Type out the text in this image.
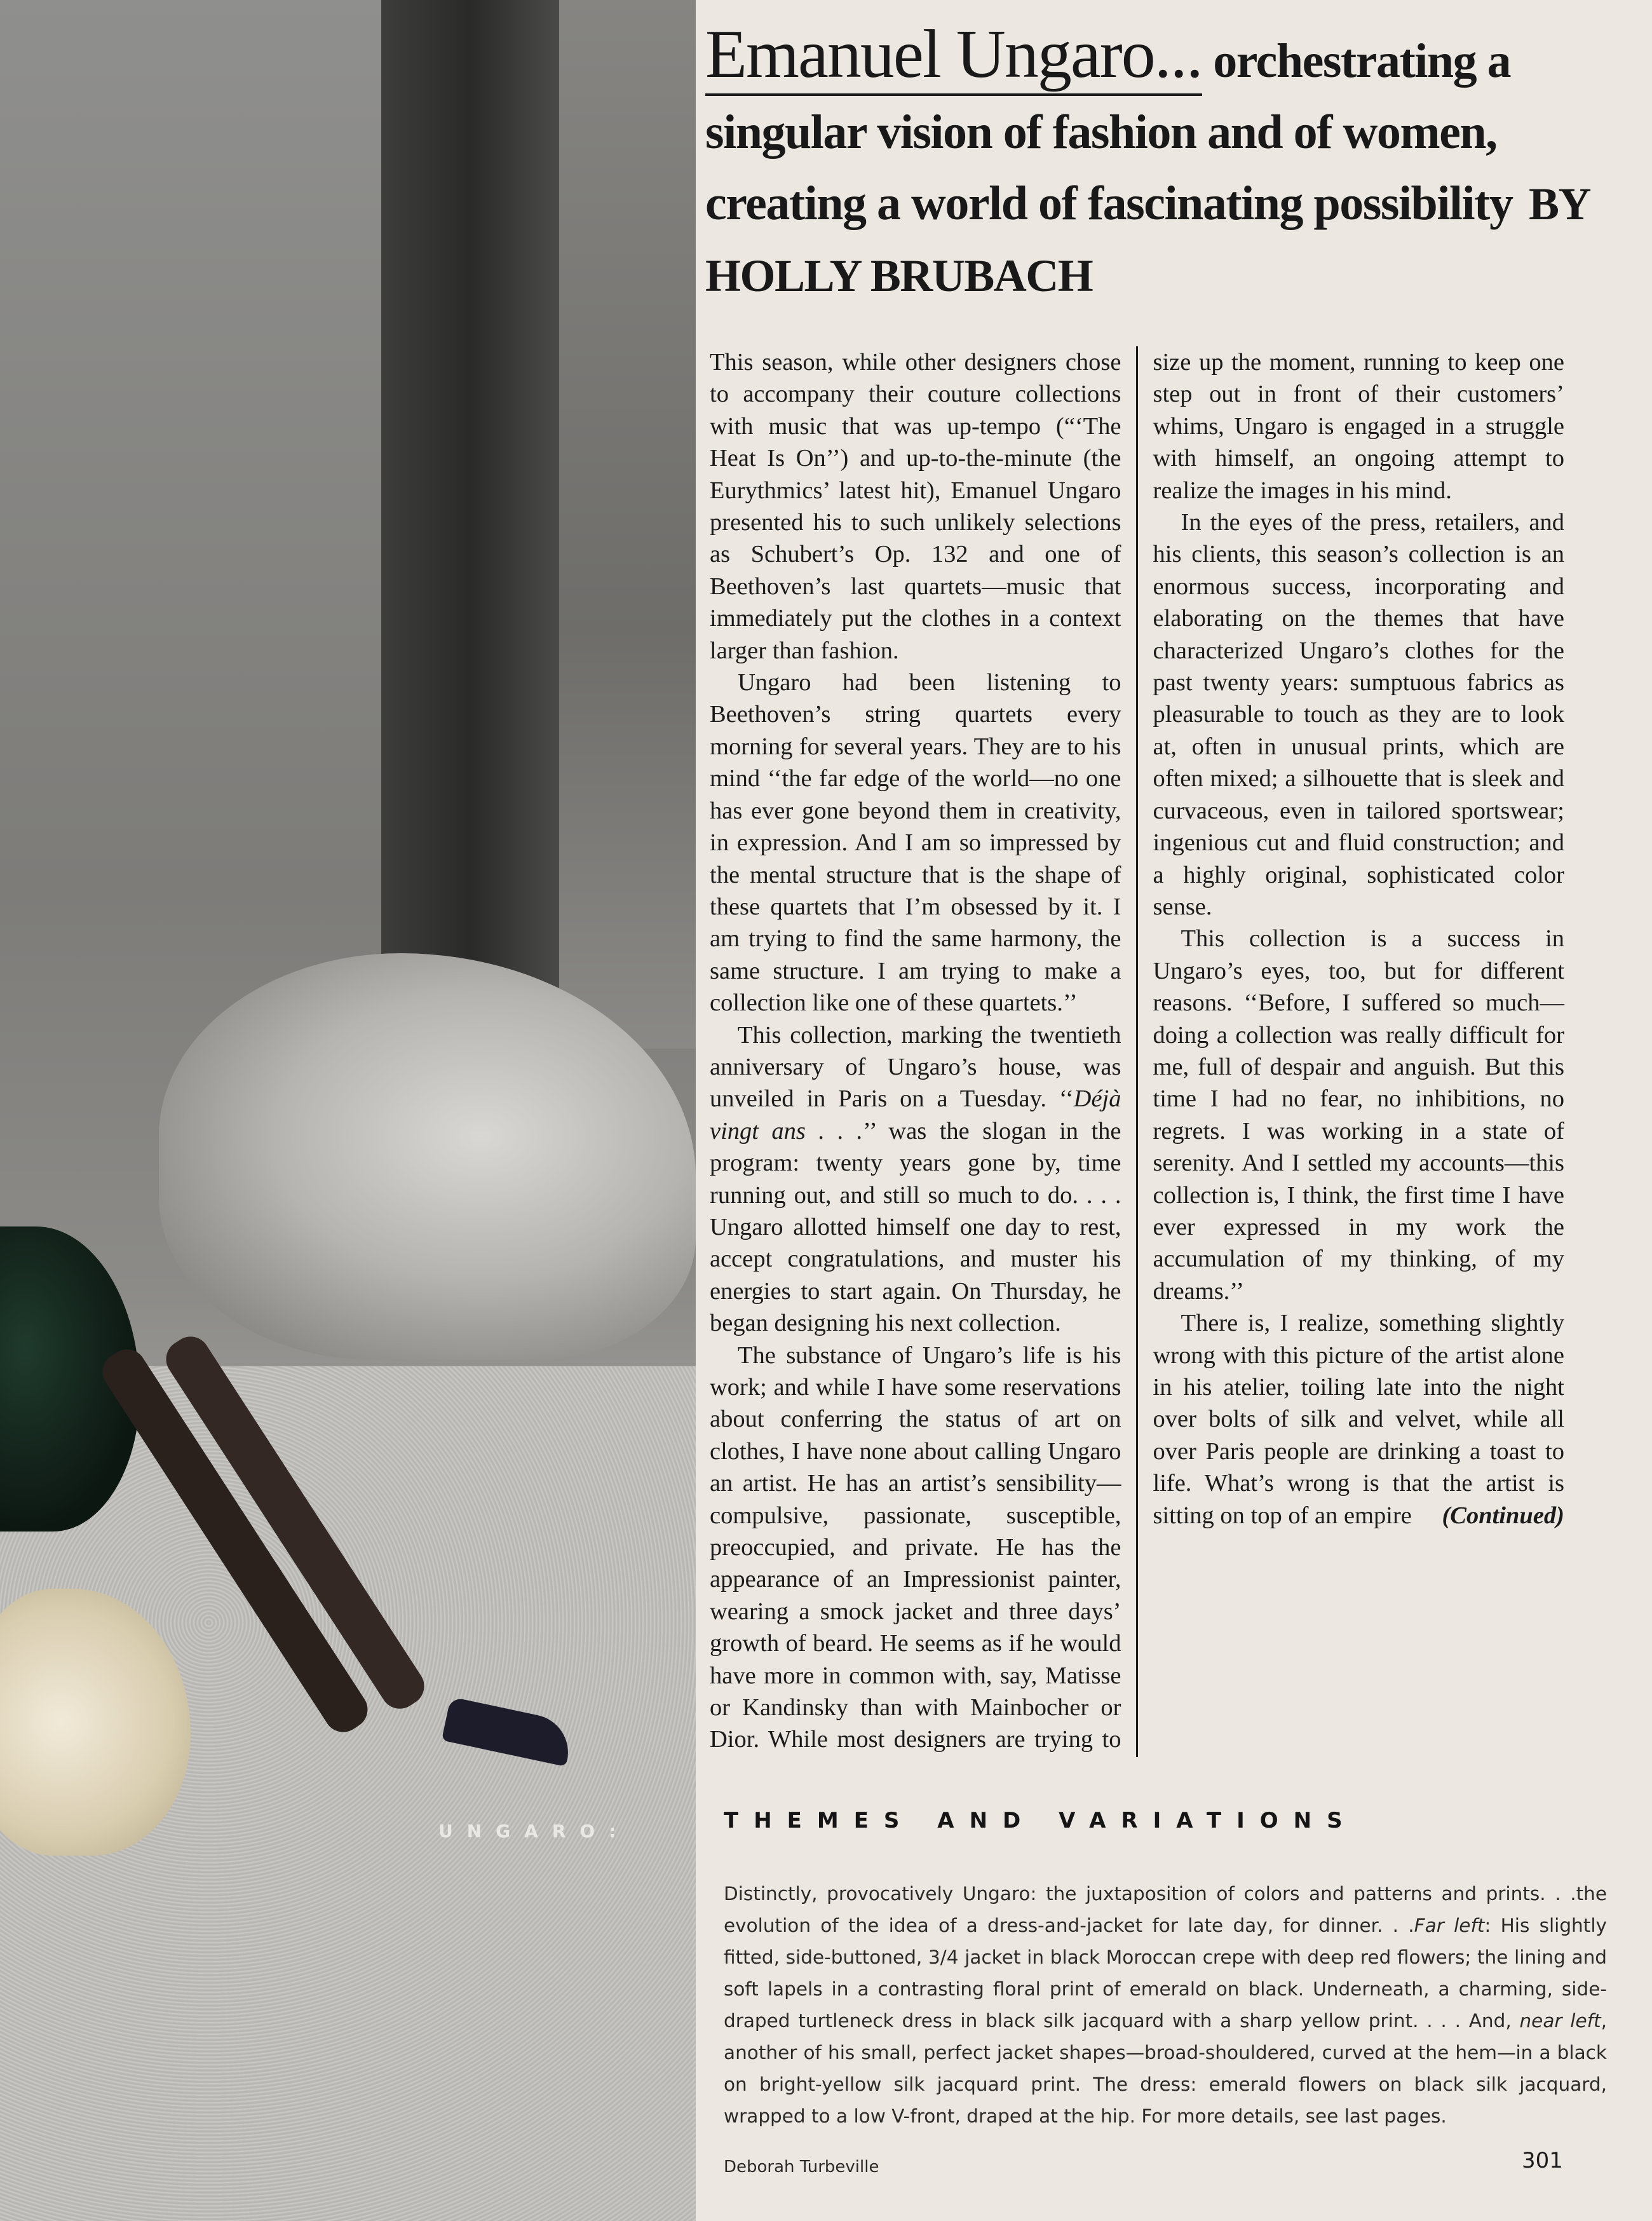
UNGARO:
Emanuel Ungaro... orchestrating a singular vision of fashion and of women, creating a world of fascinating possibility BY HOLLY BRUBACH

This season, while other designers chose to accompany their couture collections with music that was up-tempo (“‘The Heat Is On’’) and up-to-the-minute (the Eurythmics’ latest hit), Emanuel Ungaro presented his to such unlikely selections as Schubert’s Op. 132 and one of Beethoven’s last quartets—music that immediately put the clothes in a context larger than fashion.

Ungaro had been listening to Beethoven’s string quartets every morning for several years. They are to his mind ‘‘the far edge of the world—no one has ever gone beyond them in creativity, in expression. And I am so impressed by the mental structure that is the shape of these quartets that I’m obsessed by it. I am trying to find the same harmony, the same structure. I am trying to make a collection like one of these quartets.’’

This collection, marking the twentieth anniversary of Ungaro’s house, was unveiled in Paris on a Tuesday. ‘‘Déjà vingt ans . . .’’ was the slogan in the program: twenty years gone by, time running out, and still so much to do. . . . Ungaro allotted himself one day to rest, accept congratulations, and muster his energies to start again. On Thursday, he began designing his next collection.

The substance of Ungaro’s life is his work; and while I have some reservations about conferring the status of art on clothes, I have none about calling Ungaro an artist. He has an artist’s sensibility—compulsive, passionate, susceptible, preoccupied, and private. He has the appearance of an Impressionist painter, wearing a smock jacket and three days’ growth of beard. He seems as if he would have more in common with, say, Matisse or Kandinsky than with Mainbocher or Dior. While most designers are trying to size up the moment, running to keep one step out in front of their customers’ whims, Ungaro is engaged in a struggle with himself, an ongoing attempt to realize the images in his mind.

In the eyes of the press, retailers, and his clients, this season’s collection is an enormous success, incorporating and elaborating on the themes that have characterized Ungaro’s clothes for the past twenty years: sumptuous fabrics as pleasurable to touch as they are to look at, often in unusual prints, which are often mixed; a silhouette that is sleek and curvaceous, even in tailored sportswear; ingenious cut and fluid construction; and a highly original, sophisticated color sense.

This collection is a success in Ungaro’s eyes, too, but for different reasons. ‘‘Before, I suffered so much—doing a collection was really difficult for me, full of despair and anguish. But this time I had no fear, no inhibitions, no regrets. I was working in a state of serenity. And I settled my accounts—this collection is, I think, the first time I have ever expressed in my work the accumulation of my thinking, of my dreams.’’

There is, I realize, something slightly wrong with this picture of the artist alone in his atelier, toiling late into the night over bolts of silk and velvet, while all over Paris people are drinking a toast to life. What’s wrong is that the artist is sitting on top of an empire	(Continued)

THEMES AND VARIATIONS

Distinctly, provocatively Ungaro: the juxtaposition of colors and patterns and prints. . .the evolution of the idea of a dress-and-jacket for late day, for dinner. . .Far left: His slightly fitted, side-buttoned, 3/4 jacket in black Moroccan crepe with deep red flowers; the lining and soft lapels in a contrasting floral print of emerald on black. Underneath, a charming, side-draped turtleneck dress in black silk jacquard with a sharp yellow print. . . . And, near left, another of his small, perfect jacket shapes—broad-shouldered, curved at the hem—in a black on bright-yellow silk jacquard print. The dress: emerald flowers on black silk jacquard, wrapped to a low V-front, draped at the hip. For more details, see last pages.

Deborah Turbeville	301
